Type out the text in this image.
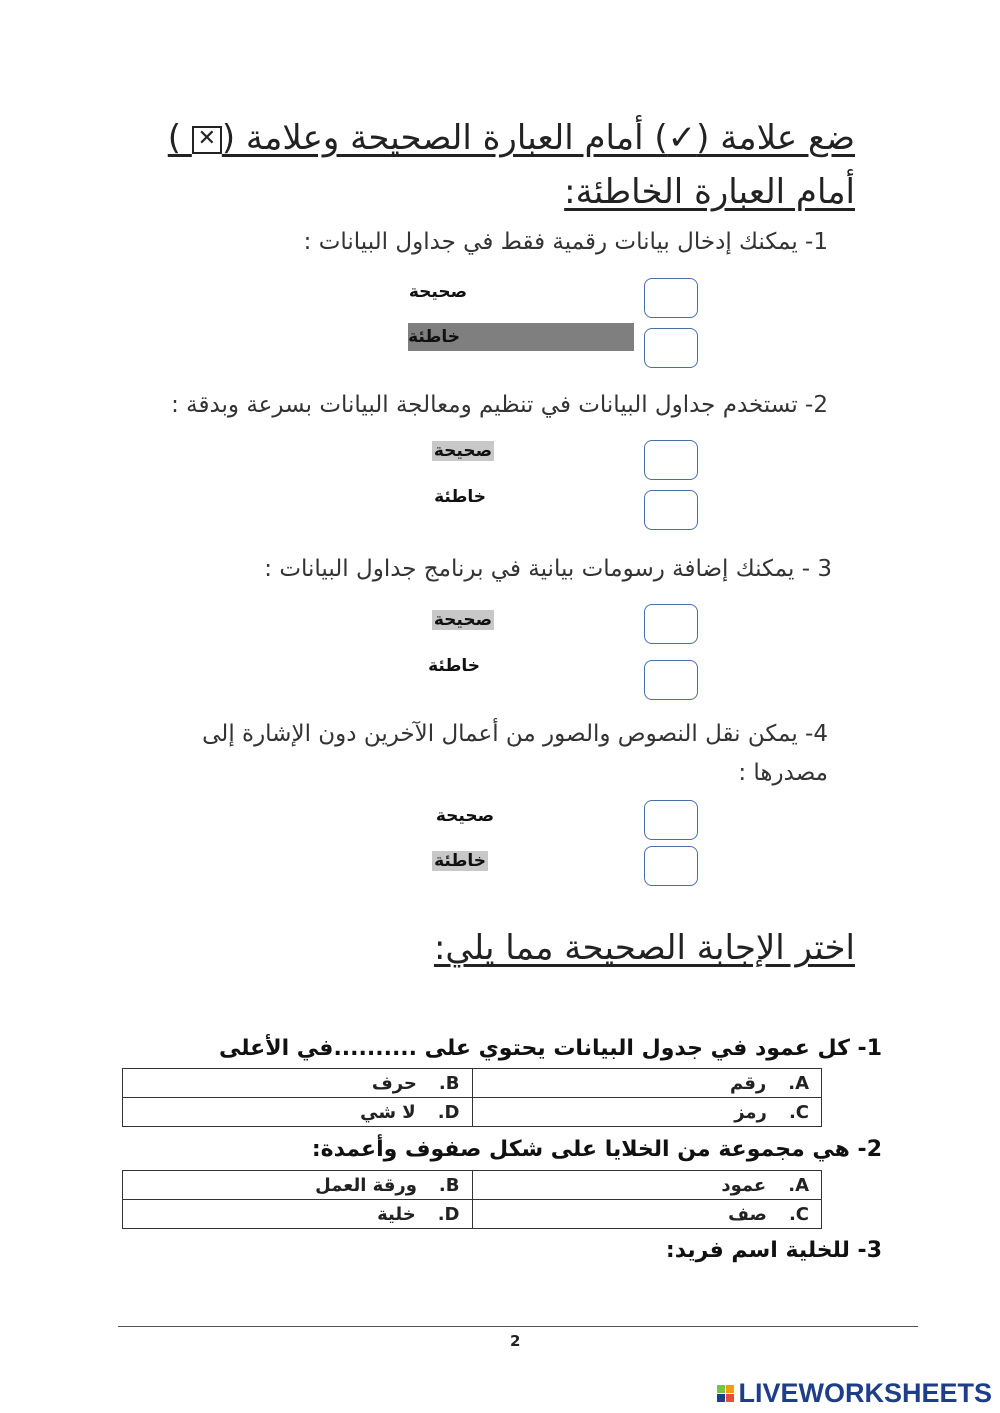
ضع علامة (✓) أمام العبارة الصحيحة وعلامة (✕ )
أمام العبارة الخاطئة:
1- يمكنك إدخال بيانات رقمية فقط في جداول البيانات :
صحيحة
خاطئة
2- تستخدم جداول البيانات في تنظيم ومعالجة البيانات بسرعة وبدقة :
صحيحة
خاطئة
3 - يمكنك إضافة رسومات بيانية في برنامج جداول البيانات :
صحيحة
خاطئة
4- يمكن نقل النصوص والصور من أعمال الآخرين دون الإشارة إلى
مصدرها :
صحيحة
خاطئة
اختر الإجابة الصحيحة مما يلي:
1- كل عمود في جدول البيانات يحتوي على ..........في الأعلى
A.رقم	B.حرف
C.رمز	D.لا شي
2- هي مجموعة من الخلايا على شكل صفوف وأعمدة:
A.عمود	B.ورقة العمل
C.صف	D.خلية
3- للخلية اسم فريد:
2
LIVEWORKSHEETS
